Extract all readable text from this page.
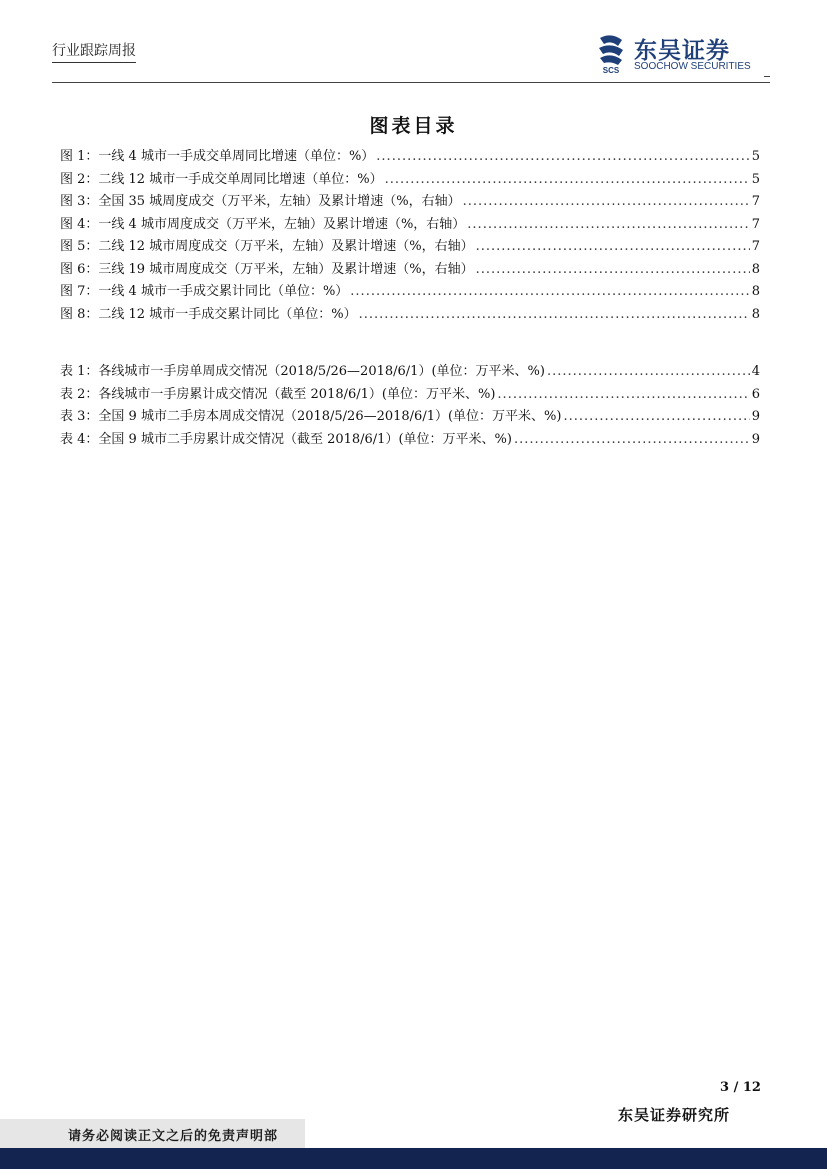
行业跟踪周报
SCS
东吴证券
SOOCHOW SECURITIES
图表目录
图 1：一线 4 城市一手成交单周同比增速（单位：%） .....	5
图 2：二线 12 城市一手成交单周同比增速（单位：%） .....	5
图 3：全国 35 城周度成交（万平米，左轴）及累计增速（%，右轴） .....	7
图 4：一线 4 城市周度成交（万平米，左轴）及累计增速（%，右轴） .....	7
图 5：二线 12 城市周度成交（万平米，左轴）及累计增速（%，右轴） .....	7
图 6：三线 19 城市周度成交（万平米，左轴）及累计增速（%，右轴） .....	8
图 7：一线 4 城市一手成交累计同比（单位：%） .....	8
图 8：二线 12 城市一手成交累计同比（单位：%） .....	8
表 1：各线城市一手房单周成交情况（2018/5/26—2018/6/1）(单位：万平米、%) .....	4
表 2：各线城市一手房累计成交情况（截至 2018/6/1）(单位：万平米、%) .....	6
表 3：全国 9 城市二手房本周成交情况（2018/5/26—2018/6/1）(单位：万平米、%) .....	9
表 4：全国 9 城市二手房累计成交情况（截至 2018/6/1）(单位：万平米、%) .....	9
3 / 12
东吴证券研究所
请务必阅读正文之后的免责声明部
